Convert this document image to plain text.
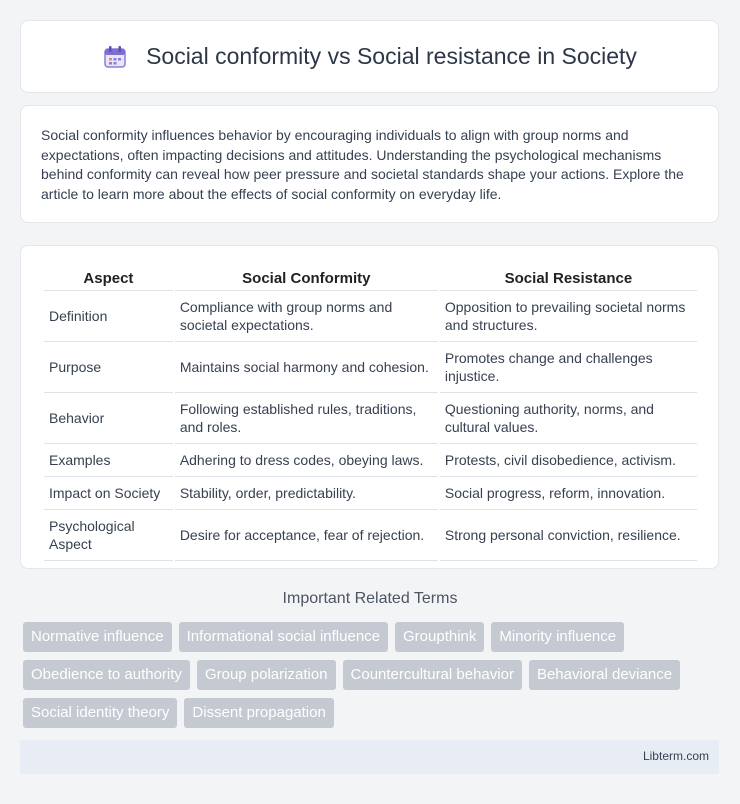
Social conformity vs Social resistance in Society

Social conformity influences behavior by encouraging individuals to align with group norms and expectations, often impacting decisions and attitudes. Understanding the psychological mechanisms behind conformity can reveal how peer pressure and societal standards shape your actions. Explore the article to learn more about the effects of social conformity on everyday life.

Aspect	Social Conformity	Social Resistance
Definition	Compliance with group norms and societal expectations.	Opposition to prevailing societal norms and structures.
Purpose	Maintains social harmony and cohesion.	Promotes change and challenges injustice.
Behavior	Following established rules, traditions, and roles.	Questioning authority, norms, and cultural values.
Examples	Adhering to dress codes, obeying laws.	Protests, civil disobedience, activism.
Impact on Society	Stability, order, predictability.	Social progress, reform, innovation.
Psychological Aspect	Desire for acceptance, fear of rejection.	Strong personal conviction, resilience.
Important Related Terms
Normative influence	Informational social influence	Groupthink	Minority influence
Obedience to authority	Group polarization	Countercultural behavior	Behavioral deviance
Social identity theory	Dissent propagation
Libterm.com
